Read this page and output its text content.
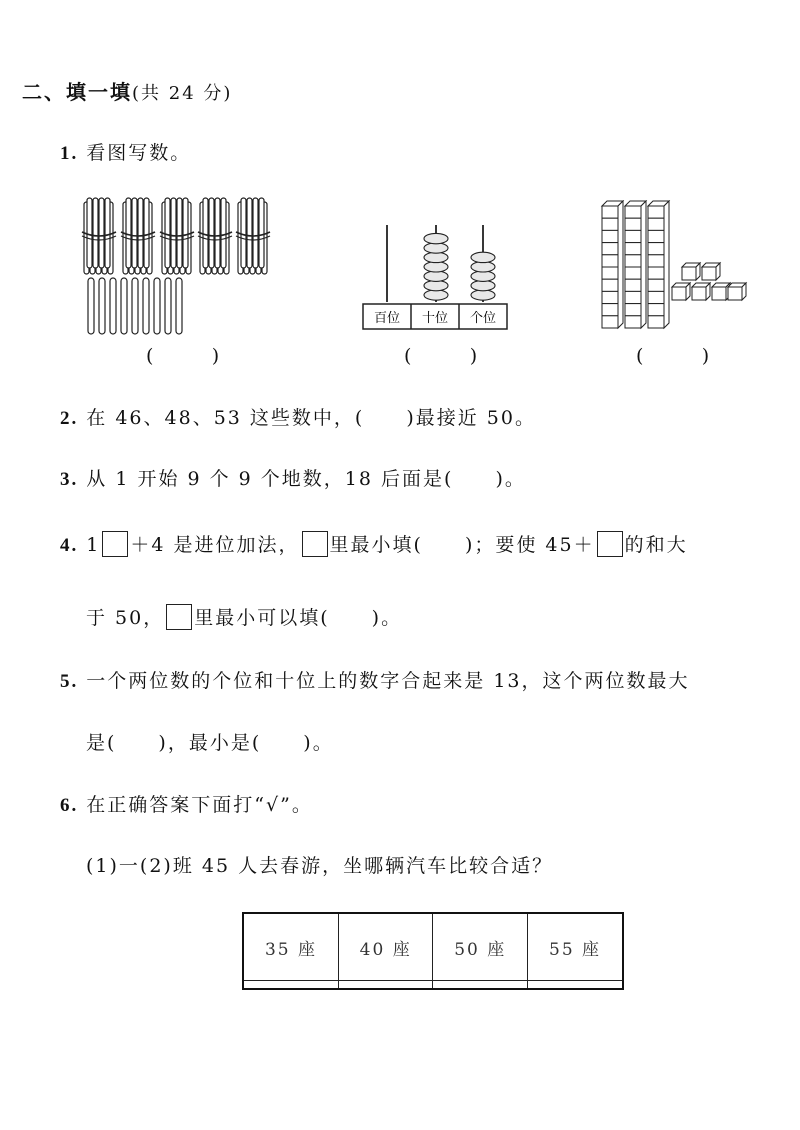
二、填一填(共 24 分)
1. 看图写数。
百位 十位 个位
(	)	(	)	(	)
2. 在 46、48、53 这些数中，(　　)最接近 50。
3. 从 1 开始 9 个 9 个地数，18 后面是(　　)。
4. 1 ＋4 是进位加法， 里最小填(　　)；要使 45＋ 的和大
于 50， 里最小可以填(　　)。
5. 一个两位数的个位和十位上的数字合起来是 13，这个两位数最大
是(　　)，最小是(　　)。
6. 在正确答案下面打“√”。
(1)一(2)班 45 人去春游，坐哪辆汽车比较合适？
35 座	40 座	50 座	55 座
